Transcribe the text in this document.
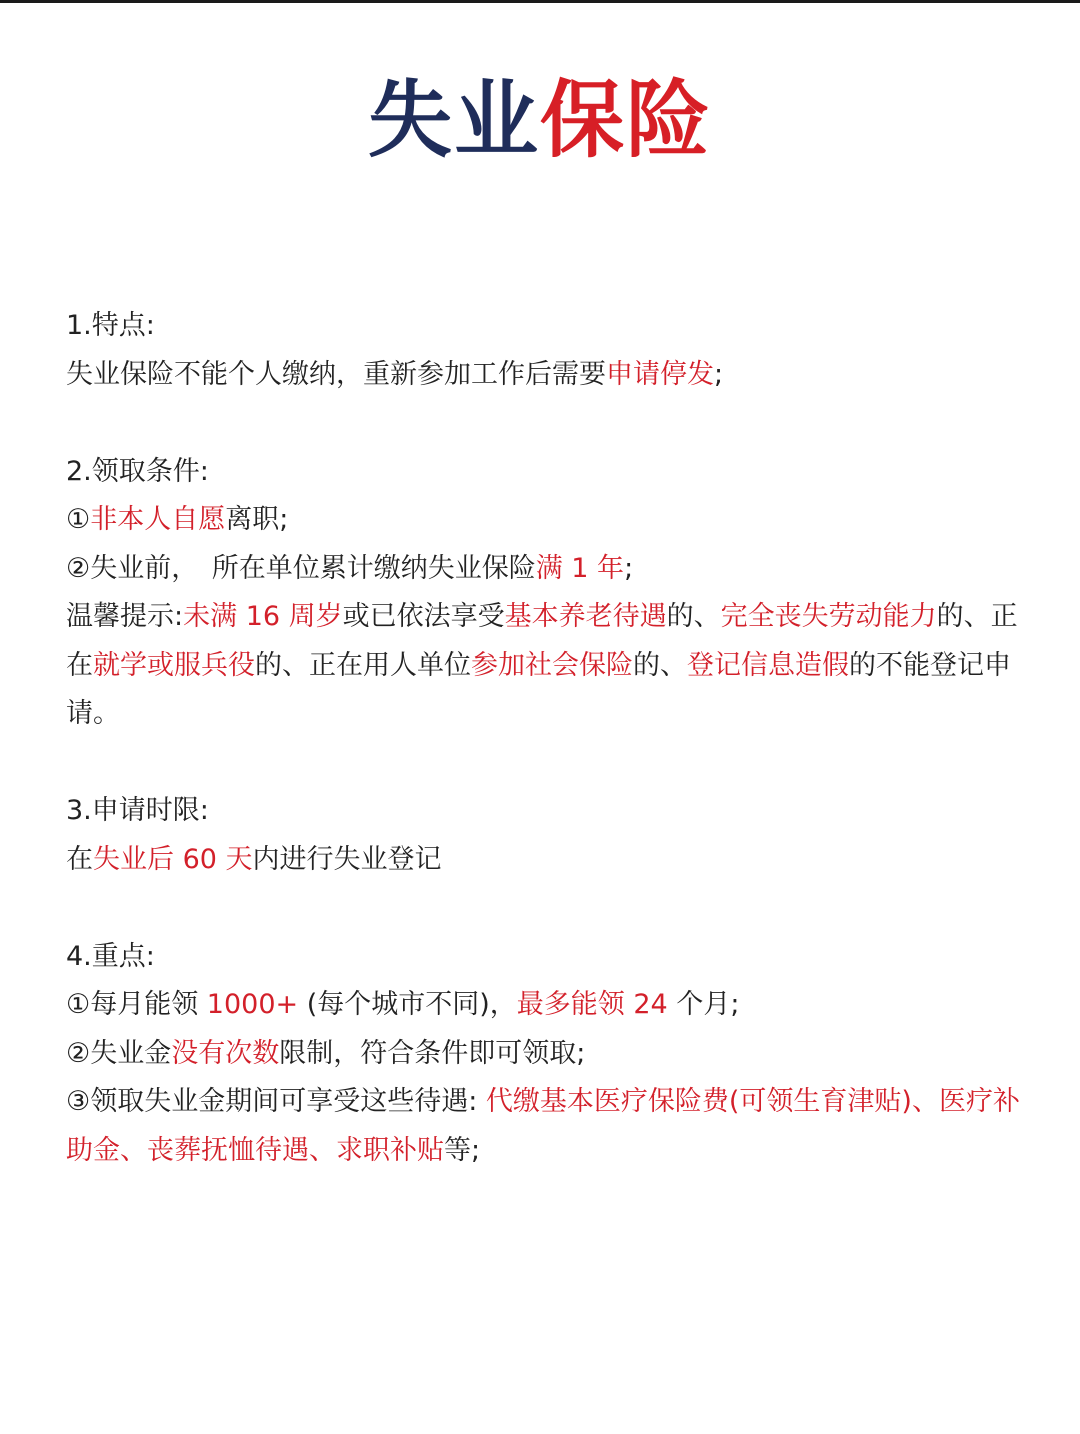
失业保险

1.特点:

失业保险不能个人缴纳，重新参加工作后需要申请停发;

2.领取条件:

①非本人自愿离职;

②失业前，　所在单位累计缴纳失业保险满 1 年;

温馨提示:未满 16 周岁或已依法享受基本养老待遇的、完全丧失劳动能力的、正在就学或服兵役的、正在用人单位参加社会保险的、登记信息造假的不能登记申请。

3.申请时限:

在失业后 60 天内进行失业登记

4.重点:

①每月能领 1000+ (每个城市不同)，最多能领 24 个月;

②失业金没有次数限制，符合条件即可领取;

③领取失业金期间可享受这些待遇: 代缴基本医疗保险费(可领生育津贴)、医疗补助金、丧葬抚恤待遇、求职补贴等;
